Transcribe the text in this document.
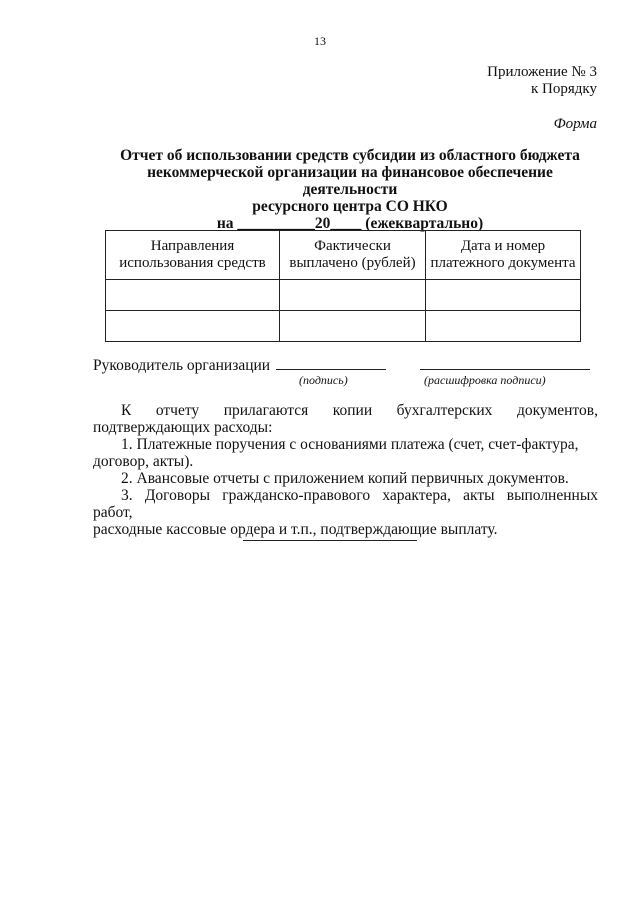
13
Приложение № 3
к Порядку
Форма
Отчет об использовании средств субсидии из областного бюджета
некоммерческой организации на финансовое обеспечение деятельности
ресурсного центра СО НКО
на __________20____ (ежеквартально)
Направления использования средств	Фактически выплачено (рублей)	Дата и номер платежного документа

Руководитель организации
(подпись)	(расшифровка подписи)
К отчету прилагаются копии бухгалтерских документов,

подтверждающих расходы:

1. Платежные поручения с основаниями платежа (счет, счет-фактура,

договор, акты).

2. Авансовые отчеты с приложением копий первичных документов.

3. Договоры гражданско-правового характера, акты выполненных работ,

расходные кассовые ордера и т.п., подтверждающие выплату.
